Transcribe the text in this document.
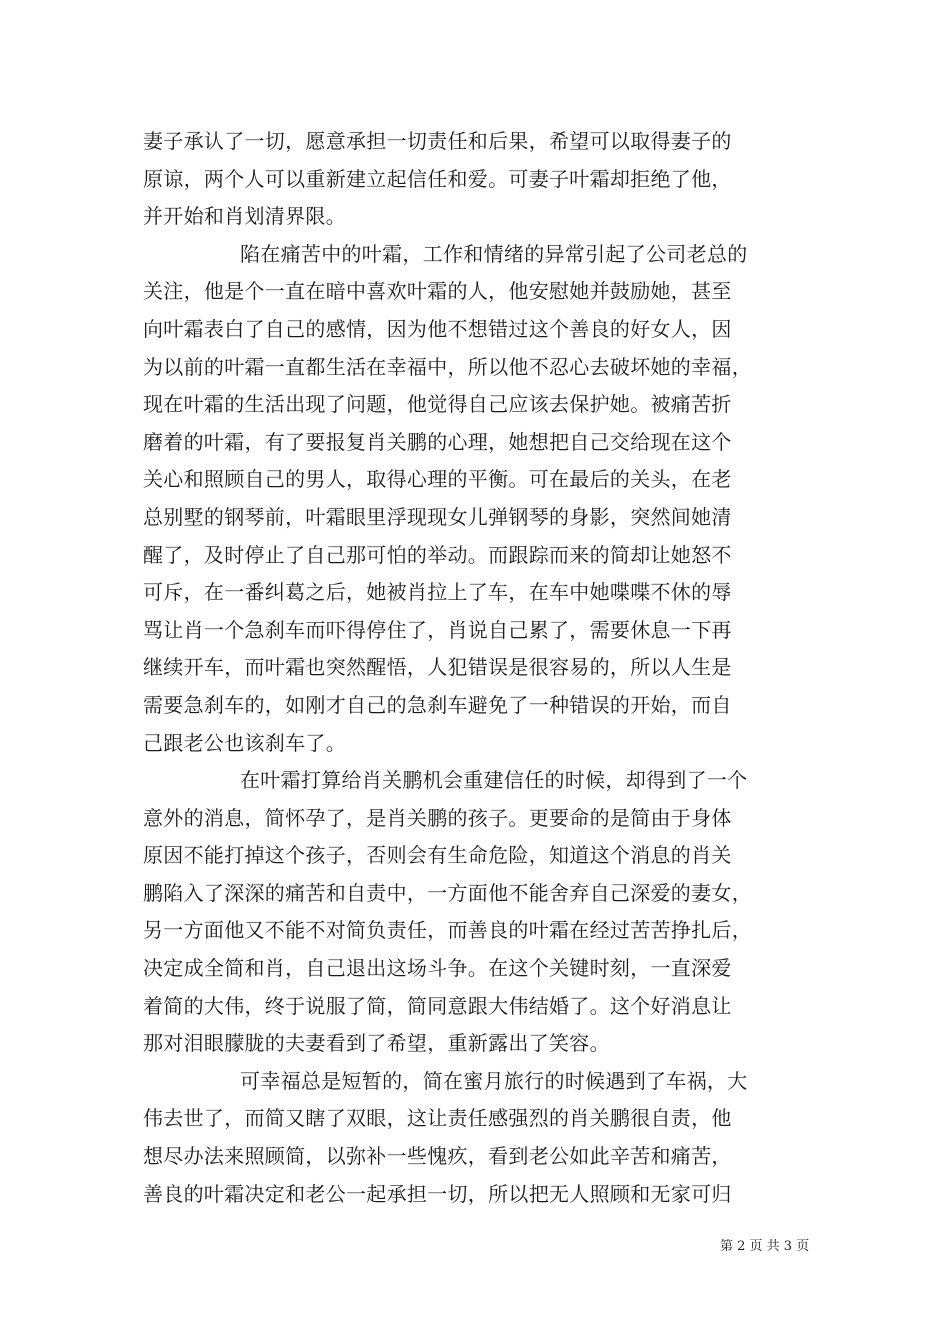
妻子承认了一切，愿意承担一切责任和后果，希望可以取得妻子的
原谅，两个人可以重新建立起信任和爱。可妻子叶霜却拒绝了他，
并开始和肖划清界限。
陷在痛苦中的叶霜，工作和情绪的异常引起了公司老总的
关注，他是个一直在暗中喜欢叶霜的人，他安慰她并鼓励她，甚至
向叶霜表白了自己的感情，因为他不想错过这个善良的好女人，因
为以前的叶霜一直都生活在幸福中，所以他不忍心去破坏她的幸福，
现在叶霜的生活出现了问题，他觉得自己应该去保护她。被痛苦折
磨着的叶霜，有了要报复肖关鹏的心理，她想把自己交给现在这个
关心和照顾自己的男人，取得心理的平衡。可在最后的关头，在老
总别墅的钢琴前，叶霜眼里浮现现女儿弹钢琴的身影，突然间她清
醒了，及时停止了自己那可怕的举动。而跟踪而来的简却让她怒不
可斥，在一番纠葛之后，她被肖拉上了车，在车中她喋喋不休的辱
骂让肖一个急刹车而吓得停住了，肖说自己累了，需要休息一下再
继续开车，而叶霜也突然醒悟，人犯错误是很容易的，所以人生是
需要急刹车的，如刚才自己的急刹车避免了一种错误的开始，而自
己跟老公也该刹车了。
在叶霜打算给肖关鹏机会重建信任的时候，却得到了一个
意外的消息，简怀孕了，是肖关鹏的孩子。更要命的是简由于身体
原因不能打掉这个孩子，否则会有生命危险，知道这个消息的肖关
鹏陷入了深深的痛苦和自责中，一方面他不能舍弃自己深爱的妻女，
另一方面他又不能不对简负责任，而善良的叶霜在经过苦苦挣扎后，
决定成全简和肖，自己退出这场斗争。在这个关键时刻，一直深爱
着简的大伟，终于说服了简，简同意跟大伟结婚了。这个好消息让
那对泪眼朦胧的夫妻看到了希望，重新露出了笑容。
可幸福总是短暂的，简在蜜月旅行的时候遇到了车祸，大
伟去世了，而简又瞎了双眼，这让责任感强烈的肖关鹏很自责，他
想尽办法来照顾简，以弥补一些愧疚，看到老公如此辛苦和痛苦，
善良的叶霜决定和老公一起承担一切，所以把无人照顾和无家可归
第 2 页 共 3 页
